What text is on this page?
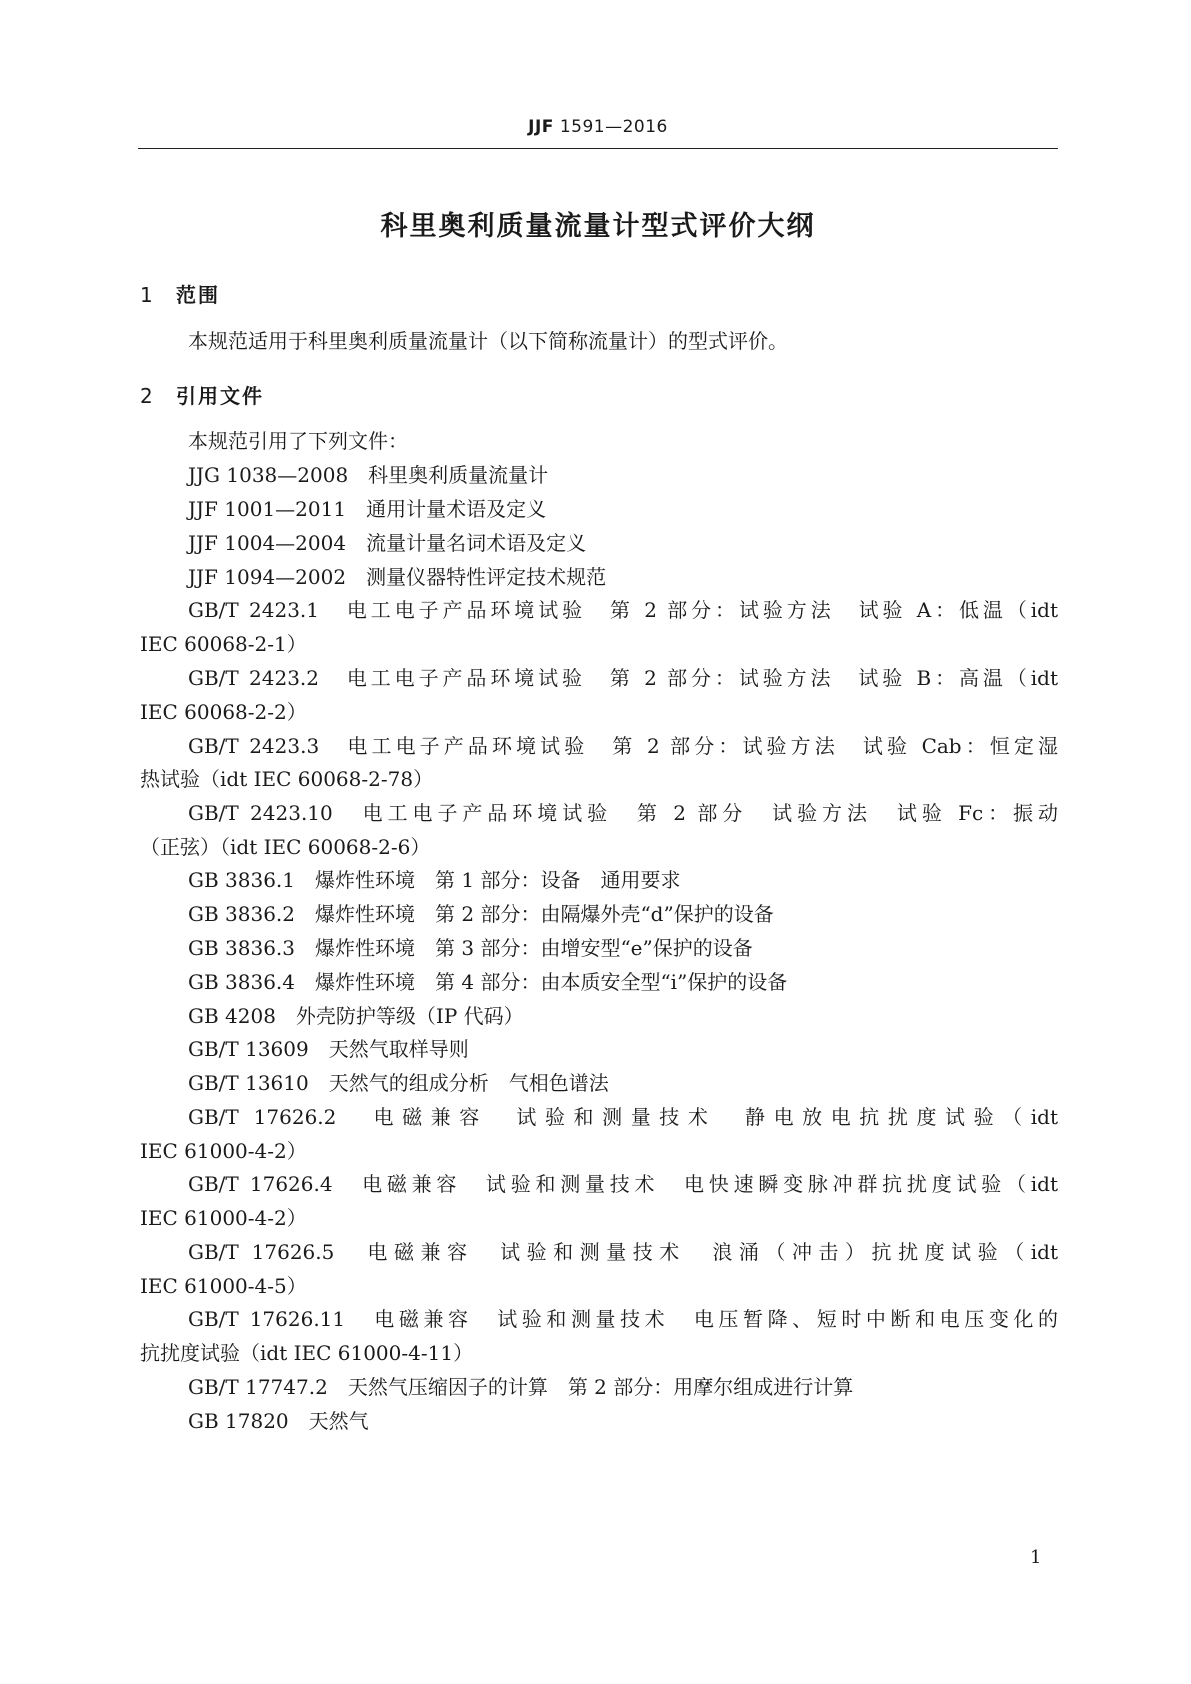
JJF 1591—2016
科里奥利质量流量计型式评价大纲
1 范围
本规范适用于科里奥利质量流量计（以下简称流量计）的型式评价。
2 引用文件
本规范引用了下列文件：
JJG 1038—2008　科里奥利质量流量计
JJF 1001—2011　通用计量术语及定义
JJF 1004—2004　流量计量名词术语及定义
JJF 1094—2002　测量仪器特性评定技术规范
GB/T 2423.1　电工电子产品环境试验　第 2 部分：试验方法　试验 A：低温（idt
IEC 60068-2-1）
GB/T 2423.2　电工电子产品环境试验　第 2 部分：试验方法　试验 B：高温（idt
IEC 60068-2-2）
GB/T 2423.3　电工电子产品环境试验　第 2 部分：试验方法　试验 Cab：恒定湿
热试验（idt IEC 60068-2-78）
GB/T 2423.10　电工电子产品环境试验　第 2 部分　试验方法　试验 Fc：振动
（正弦）（idt IEC 60068-2-6）
GB 3836.1　爆炸性环境　第 1 部分：设备　通用要求
GB 3836.2　爆炸性环境　第 2 部分：由隔爆外壳“d”保护的设备
GB 3836.3　爆炸性环境　第 3 部分：由增安型“e”保护的设备
GB 3836.4　爆炸性环境　第 4 部分：由本质安全型“i”保护的设备
GB 4208　外壳防护等级（IP 代码）
GB/T 13609　天然气取样导则
GB/T 13610　天然气的组成分析　气相色谱法
GB/T 17626.2　电磁兼容　试验和测量技术　静电放电抗扰度试验（idt
IEC 61000-4-2）
GB/T 17626.4　电磁兼容　试验和测量技术　电快速瞬变脉冲群抗扰度试验（idt
IEC 61000-4-2）
GB/T 17626.5　电磁兼容　试验和测量技术　浪涌（冲击）抗扰度试验（idt
IEC 61000-4-5）
GB/T 17626.11　电磁兼容　试验和测量技术　电压暂降、短时中断和电压变化的
抗扰度试验（idt IEC 61000-4-11）
GB/T 17747.2　天然气压缩因子的计算　第 2 部分：用摩尔组成进行计算
GB 17820　天然气
1
